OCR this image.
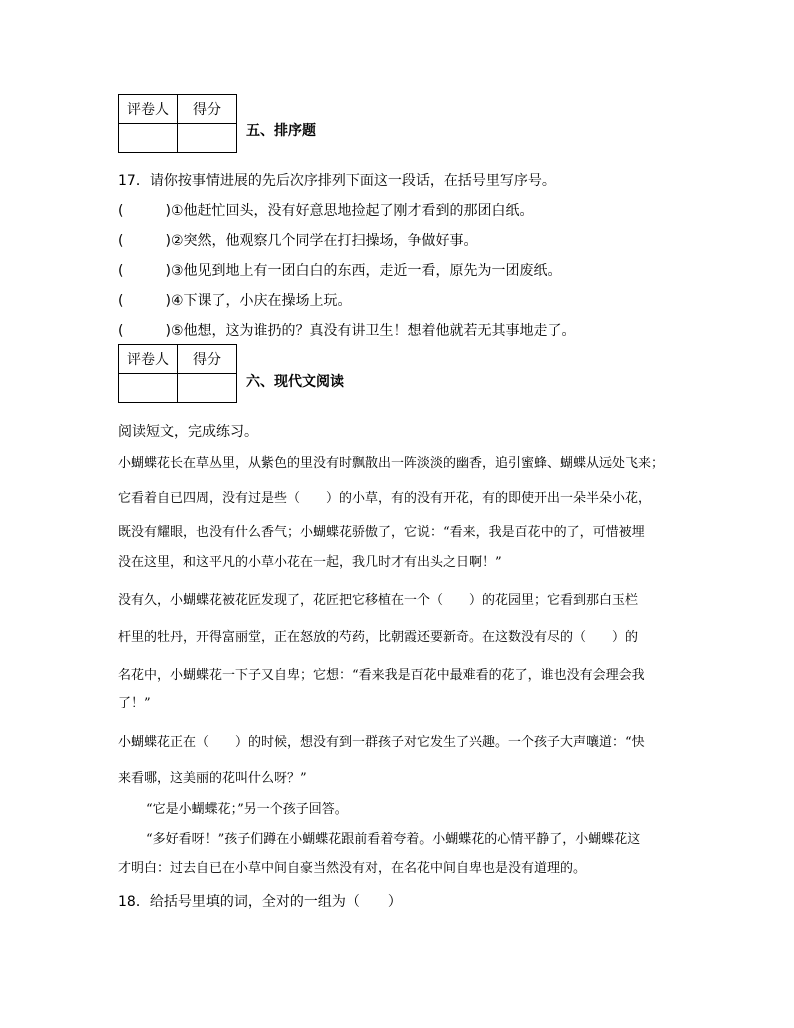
评卷人	得分

五、排序题
17．请你按事情进展的先后次序排列下面这一段话，在括号里写序号。
(	)①他赶忙回头，没有好意思地捡起了刚才看到的那团白纸。
(	)②突然，他观察几个同学在打扫操场，争做好事。
(	)③他见到地上有一团白白的东西，走近一看，原先为一团废纸。
(	)④下课了，小庆在操场上玩。
(	)⑤他想，这为谁扔的？真没有讲卫生！想着他就若无其事地走了。
评卷人	得分

六、现代文阅读
阅读短文，完成练习。
小蝴蝶花长在草丛里，从紫色的里没有时飘散出一阵淡淡的幽香，追引蜜蜂、蝴蝶从远处飞来；
它看着自已四周，没有过是些（　　）的小草，有的没有开花，有的即使开出一朵半朵小花，
既没有耀眼，也没有什么香气；小蝴蝶花骄傲了，它说：“看来，我是百花中的了，可惜被埋
没在这里，和这平凡的小草小花在一起，我几时才有出头之日啊！”
没有久，小蝴蝶花被花匠发现了，花匠把它移植在一个（　　）的花园里；它看到那白玉栏
杆里的牡丹，开得富丽堂，正在怒放的芍药，比朝霞还要新奇。在这数没有尽的（　　）的
名花中，小蝴蝶花一下子又自卑；它想：“看来我是百花中最难看的花了，谁也没有会理会我
了！”
小蝴蝶花正在（　　）的时候，想没有到一群孩子对它发生了兴趣。一个孩子大声嚷道：“快
来看哪，这美丽的花叫什么呀？”
“它是小蝴蝶花；”另一个孩子回答。
“多好看呀！”孩子们蹲在小蝴蝶花跟前看着夸着。小蝴蝶花的心情平静了，小蝴蝶花这
才明白：过去自已在小草中间自豪当然没有对，在名花中间自卑也是没有道理的。
18．给括号里填的词，全对的一组为（　　）
